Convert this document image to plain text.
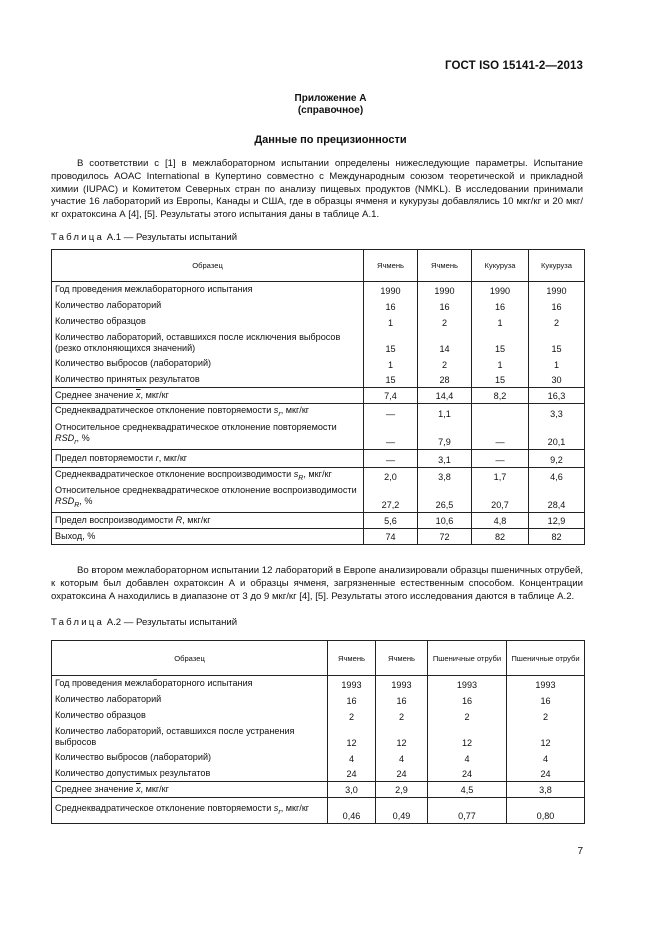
ГОСТ ISO 15141-2—2013
Приложение А
(справочное)
Данные по прецизионности

В соответствии с [1] в межлабораторном испытании определены нижеследующие параметры. Испытание проводилось AOAC International в Купертино совместно с Международным союзом теоретической и прикладной химии (IUPAC) и Комитетом Северных стран по анализу пищевых продуктов (NMKL). В исследовании принимали участие 16 лабораторий из Европы, Канады и США, где в образцы ячменя и кукурузы добавлялись 10 мкг/кг и 20 мкг/кг охратоксина А [4], [5]. Результаты этого испытания даны в таблице А.1.

Таблица А.1 — Результаты испытаний
Образец	Ячмень	Ячмень	Кукуруза	Кукуруза
Год проведения межлабораторного испытания	1990	1990	1990	1990
Количество лабораторий	16	16	16	16
Количество образцов	1	2	1	2
Количество лабораторий, оставшихся после исключения выбросов (резко отклоняющихся значений)	15	14	15	15
Количество выбросов (лабораторий)	1	2	1	1
Количество принятых результатов	15	28	15	30
Среднее значение $\overline{x}$, мкг/кг	7,4	14,4	8,2	16,3
Среднеквадратическое отклонение повторяемости $s_r$, мкг/кг	—	1,1		3,3
Относительное среднеквадратическое отклонение повторяемости $RSD_r$, %	—	7,9	—	20,1
Предел повторяемости r, мкг/кг	—	3,1	—	9,2
Среднеквадратическое отклонение воспроизводимости $s_R$, мкг/кг	2,0	3,8	1,7	4,6
Относительное среднеквадратическое отклонение воспроизводимости $RSD_R$, %	27,2	26,5	20,7	28,4
Предел воспроизводимости R, мкг/кг	5,6	10,6	4,8	12,9
Выход, %	74	72	82	82

Во втором межлабораторном испытании 12 лабораторий в Европе анализировали образцы пшеничных отрубей, к которым был добавлен охратоксин А и образцы ячменя, загрязненные естественным способом. Концентрации охратоксина А находились в диапазоне от 3 до 9 мкг/кг [4], [5]. Результаты этого исследования даются в таблице А.2.

Таблица А.2 — Результаты испытаний
Образец	Ячмень	Ячмень	Пшеничные отруби	Пшеничные отруби
Год проведения межлабораторного испытания	1993	1993	1993	1993
Количество лабораторий	16	16	16	16
Количество образцов	2	2	2	2
Количество лабораторий, оставшихся после устранения выбросов	12	12	12	12
Количество выбросов (лабораторий)	4	4	4	4
Количество допустимых результатов	24	24	24	24
Среднее значение $\overline{x}$, мкг/кг	3,0	2,9	4,5	3,8
Среднеквадратическое отклонение повторяемости $s_r$, мкг/кг	0,46	0,49	0,77	0,80
7
